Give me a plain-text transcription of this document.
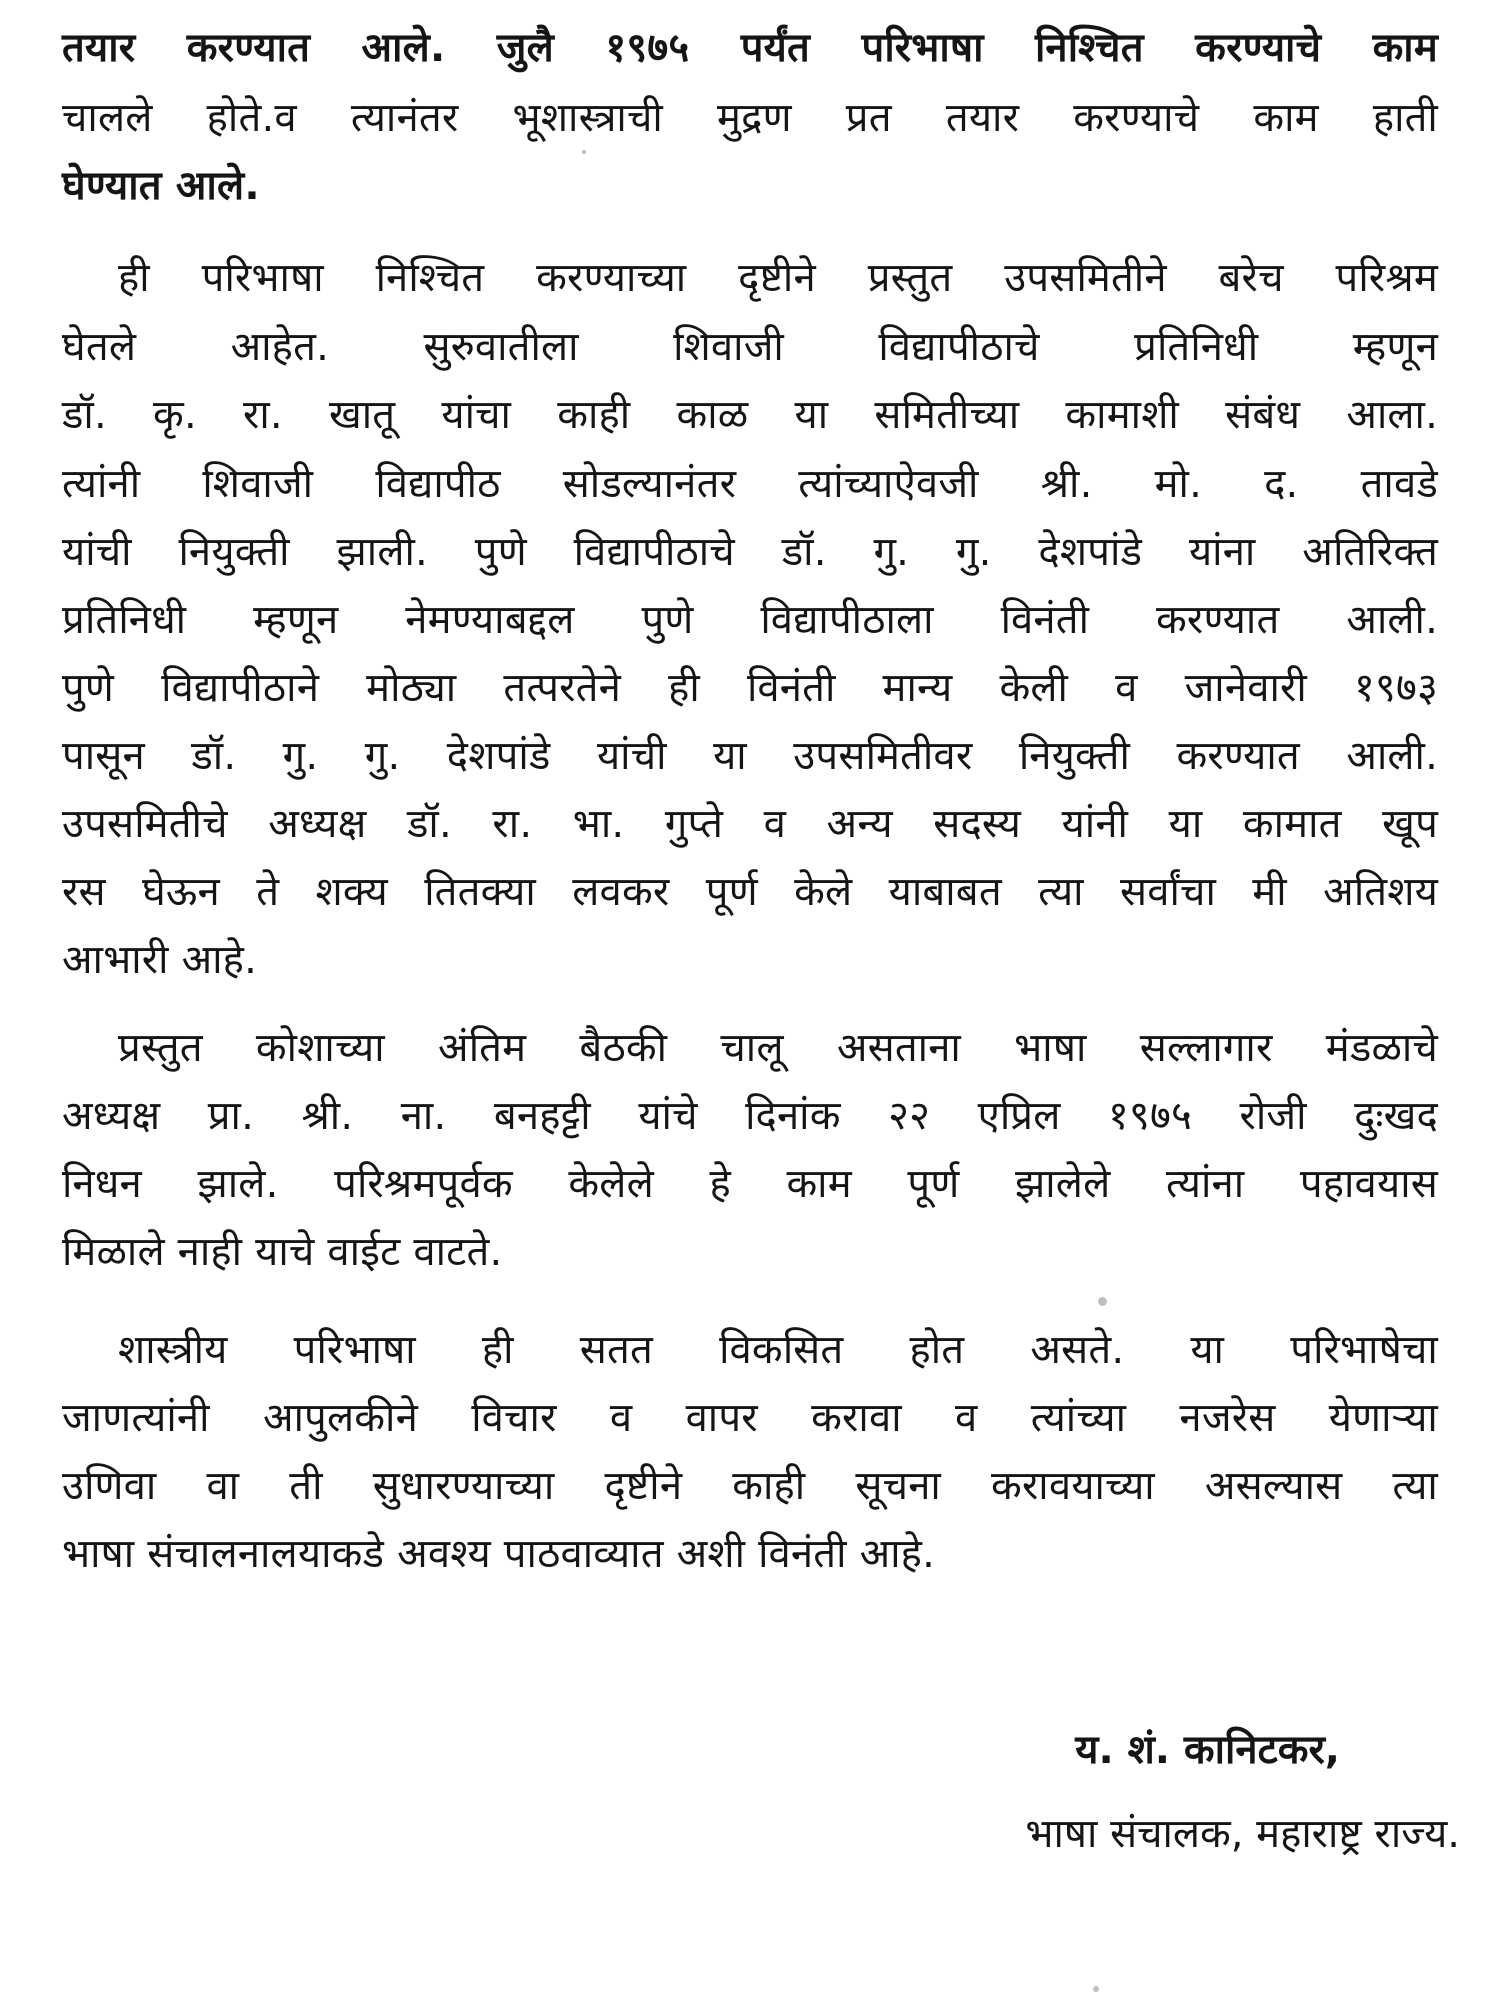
तयार करण्यात आले. जुलै १९७५ पर्यंत परिभाषा निश्चित करण्याचे काम
चालले होते.व त्यानंतर भूशास्त्राची मुद्रण प्रत तयार करण्याचे काम हाती
घेण्यात आले.
ही परिभाषा निश्चित करण्याच्या दृष्टीने प्रस्तुत उपसमितीने बरेच परिश्रम
घेतले आहेत. सुरुवातीला शिवाजी विद्यापीठाचे प्रतिनिधी म्हणून
डॉ. कृ. रा. खातू यांचा काही काळ या समितीच्या कामाशी संबंध आला.
त्यांनी शिवाजी विद्यापीठ सोडल्यानंतर त्यांच्याऐवजी श्री. मो. द. तावडे
यांची नियुक्ती झाली. पुणे विद्यापीठाचे डॉ. गु. गु. देशपांडे यांना अतिरिक्त
प्रतिनिधी म्हणून नेमण्याबद्दल पुणे विद्यापीठाला विनंती करण्यात आली.
पुणे विद्यापीठाने मोठ्या तत्परतेने ही विनंती मान्य केली व जानेवारी १९७३
पासून डॉ. गु. गु. देशपांडे यांची या उपसमितीवर नियुक्ती करण्यात आली.
उपसमितीचे अध्यक्ष डॉ. रा. भा. गुप्ते व अन्य सदस्य यांनी या कामात खूप
रस घेऊन ते शक्य तितक्या लवकर पूर्ण केले याबाबत त्या सर्वांचा मी अतिशय
आभारी आहे.
प्रस्तुत कोशाच्या अंतिम बैठकी चालू असताना भाषा सल्लागार मंडळाचे
अध्यक्ष प्रा. श्री. ना. बनहट्टी यांचे दिनांक २२ एप्रिल १९७५ रोजी दुःखद
निधन झाले. परिश्रमपूर्वक केलेले हे काम पूर्ण झालेले त्यांना पहावयास
मिळाले नाही याचे वाईट वाटते.
शास्त्रीय परिभाषा ही सतत विकसित होत असते. या परिभाषेचा
जाणत्यांनी आपुलकीने विचार व वापर करावा व त्यांच्या नजरेस येणाऱ्या
उणिवा वा ती सुधारण्याच्या दृष्टीने काही सूचना करावयाच्या असल्यास त्या
भाषा संचालनालयाकडे अवश्य पाठवाव्यात अशी विनंती आहे.
य. शं. कानिटकर,
भाषा संचालक, महाराष्ट्र राज्य.
